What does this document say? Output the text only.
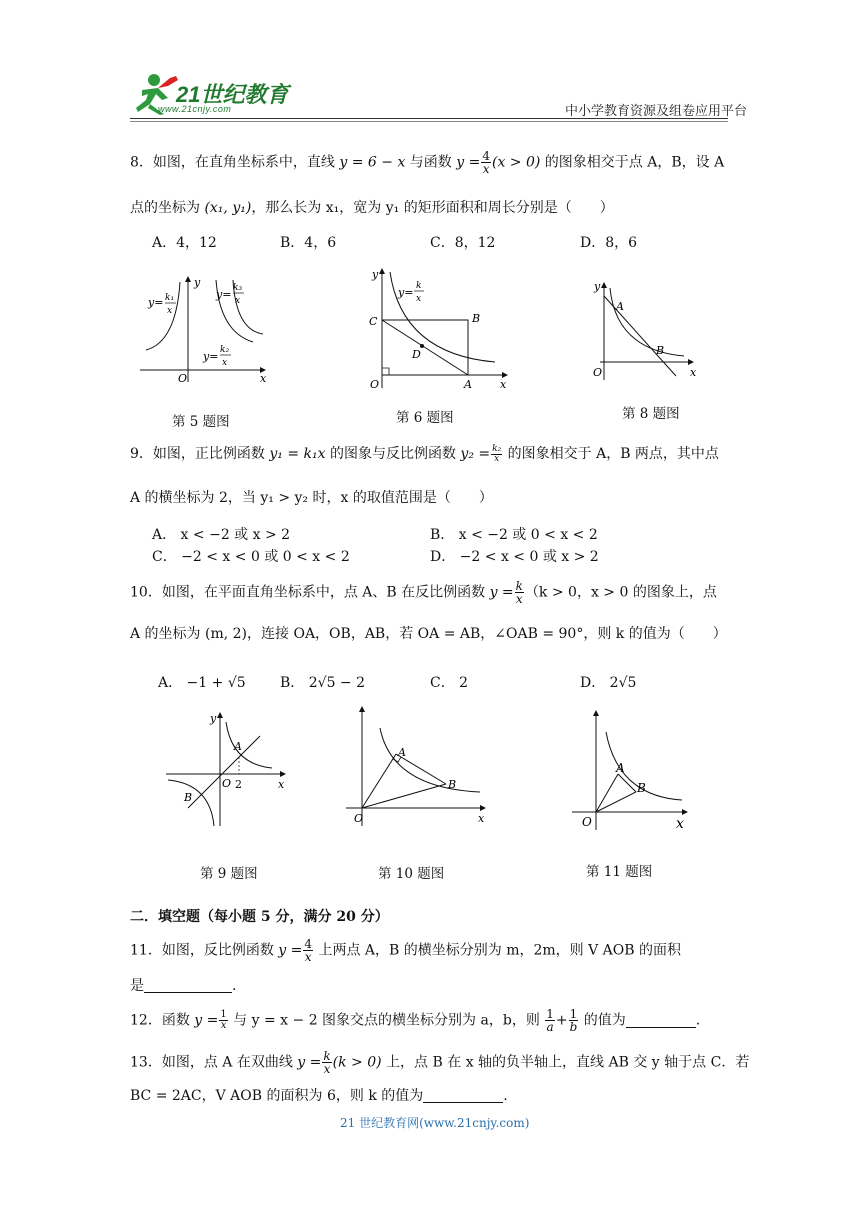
21世纪教育
www.21cnjy.com	中小学教育资源及组卷应用平台
8．如图，在直角坐标系中，直线 y = 6 − x 与函数 $y = \frac{4}{x} (x > 0)$ 的图象相交于点 A，B，设 A
点的坐标为 (x₁, y₁)，那么长为 x₁，宽为 y₁ 的矩形面积和周长分别是（　　）
A．4，12	B．4，6	C．8，12	D．8，6
y
x
O
y= k₁
x
y= k₃
x
y= k₂
x
第 5 题图
y
x
y= k
x
C	B
D
O	A
第 6 题图
y
A
B
O	x
第 8 题图
9．如图，正比例函数 y₁ = k₁x 的图象与反比例函数 $y_2 = \frac{\text{k₂}}{x}$ 的图象相交于 A，B 两点，其中点
A 的横坐标为 2，当 y₁ > y₂ 时，x 的取值范围是（　　）
A． x < −2 或 x > 2	B． x < −2 或 0 < x < 2
C． −2 < x < 0 或 0 < x < 2	D． −2 < x < 0 或 x > 2
10．如图，在平面直角坐标系中，点 A、B 在反比例函数 $y = \frac{k}{x} (k > 0$，x > 0 的图象上，点
A 的坐标为 (m, 2)，连接 OA，OB，AB，若 OA = AB，∠OAB = 90°，则 k 的值为（　　）
A． −1 + √5 B． 2√5 − 2	C． 2	D． 2√5
y
A
O 2	x
B
第 9 题图
A
B
O	x
第 10 题图
A
B
O	x
第 11 题图
二．填空题（每小题 5 分，满分 20 分）
11．如图，反比例函数 $y = \frac{4}{x}$ 上两点 A，B 的横坐标分别为 m，2m，则 V AOB 的面积
是	.
12．函数 $y = \frac{1}{x}$ 与 y = x − 2 图象交点的横坐标分别为 a，b，则 $\frac{1}{a} + \frac{1}{b}$ 的值为	.
13．如图，点 A 在双曲线 $y = \frac{k}{x} (k > 0)$ 上，点 B 在 x 轴的负半轴上，直线 AB 交 y 轴于点 C．若
BC = 2AC，V AOB 的面积为 6，则 k 的值为	.
21 世纪教育网(www.21cnjy.com)
